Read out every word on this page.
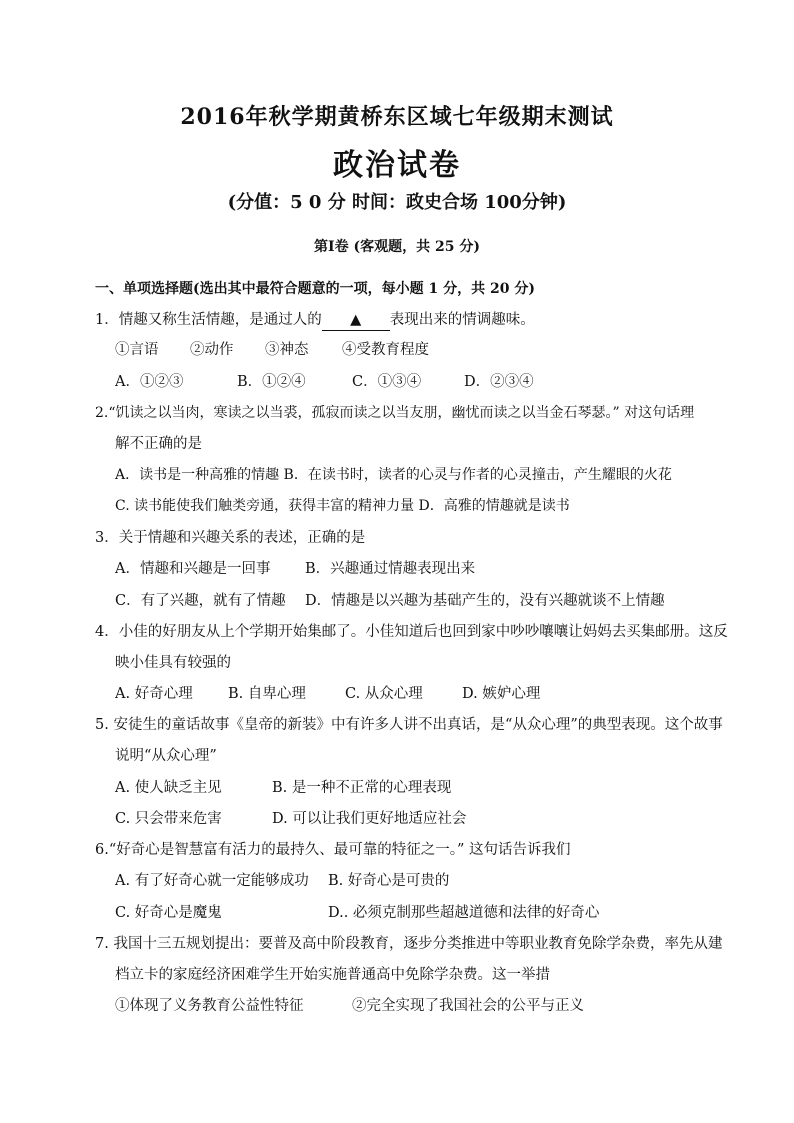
2016年秋学期黄桥东区域七年级期末测试
政治试卷
(分值：5 0 分 时间：政史合场 100分钟)
第Ⅰ卷 (客观题，共 25 分)
一、单项选择题(选出其中最符合题意的一项，每小题 1 分，共 20 分)
1．情趣又称生活情趣，是通过人的 ▲ 表现出来的情调趣味。
①言语 ②动作 ③神态 ④受教育程度
A．①②③	B．①②④	C．①③④	D．②③④
2.“饥读之以当肉，寒读之以当裘，孤寂而读之以当友朋，幽忧而读之以当金石琴瑟。” 对这句话理
解不正确的是
A．读书是一种高雅的情趣 B．在读书时，读者的心灵与作者的心灵撞击，产生耀眼的火花
C. 读书能使我们触类旁通，获得丰富的精神力量 D．高雅的情趣就是读书
3．关于情趣和兴趣关系的表述，正确的是
A．情趣和兴趣是一回事 B．兴趣通过情趣表现出来
C．有了兴趣，就有了情趣 D．情趣是以兴趣为基础产生的，没有兴趣就谈不上情趣
4．小佳的好朋友从上个学期开始集邮了。小佳知道后也回到家中吵吵嚷嚷让妈妈去买集邮册。这反
映小佳具有较强的
A. 好奇心理 B. 自卑心理	C. 从众心理	D. 嫉妒心理
5. 安徒生的童话故事《皇帝的新装》中有许多人讲不出真话，是“从众心理”的典型表现。这个故事
说明“从众心理”
A. 使人缺乏主见	B. 是一种不正常的心理表现
C. 只会带来危害	D. 可以让我们更好地适应社会
6.“好奇心是智慧富有活力的最持久、最可靠的特征之一。” 这句话告诉我们
A. 有了好奇心就一定能够成功 B. 好奇心是可贵的
C. 好奇心是魔鬼	D.. 必须克制那些超越道德和法律的好奇心
7. 我国十三五规划提出：要普及高中阶段教育，逐步分类推进中等职业教育免除学杂费，率先从建
档立卡的家庭经济困难学生开始实施普通高中免除学杂费。这一举措
①体现了义务教育公益性特征	②完全实现了我国社会的公平与正义
